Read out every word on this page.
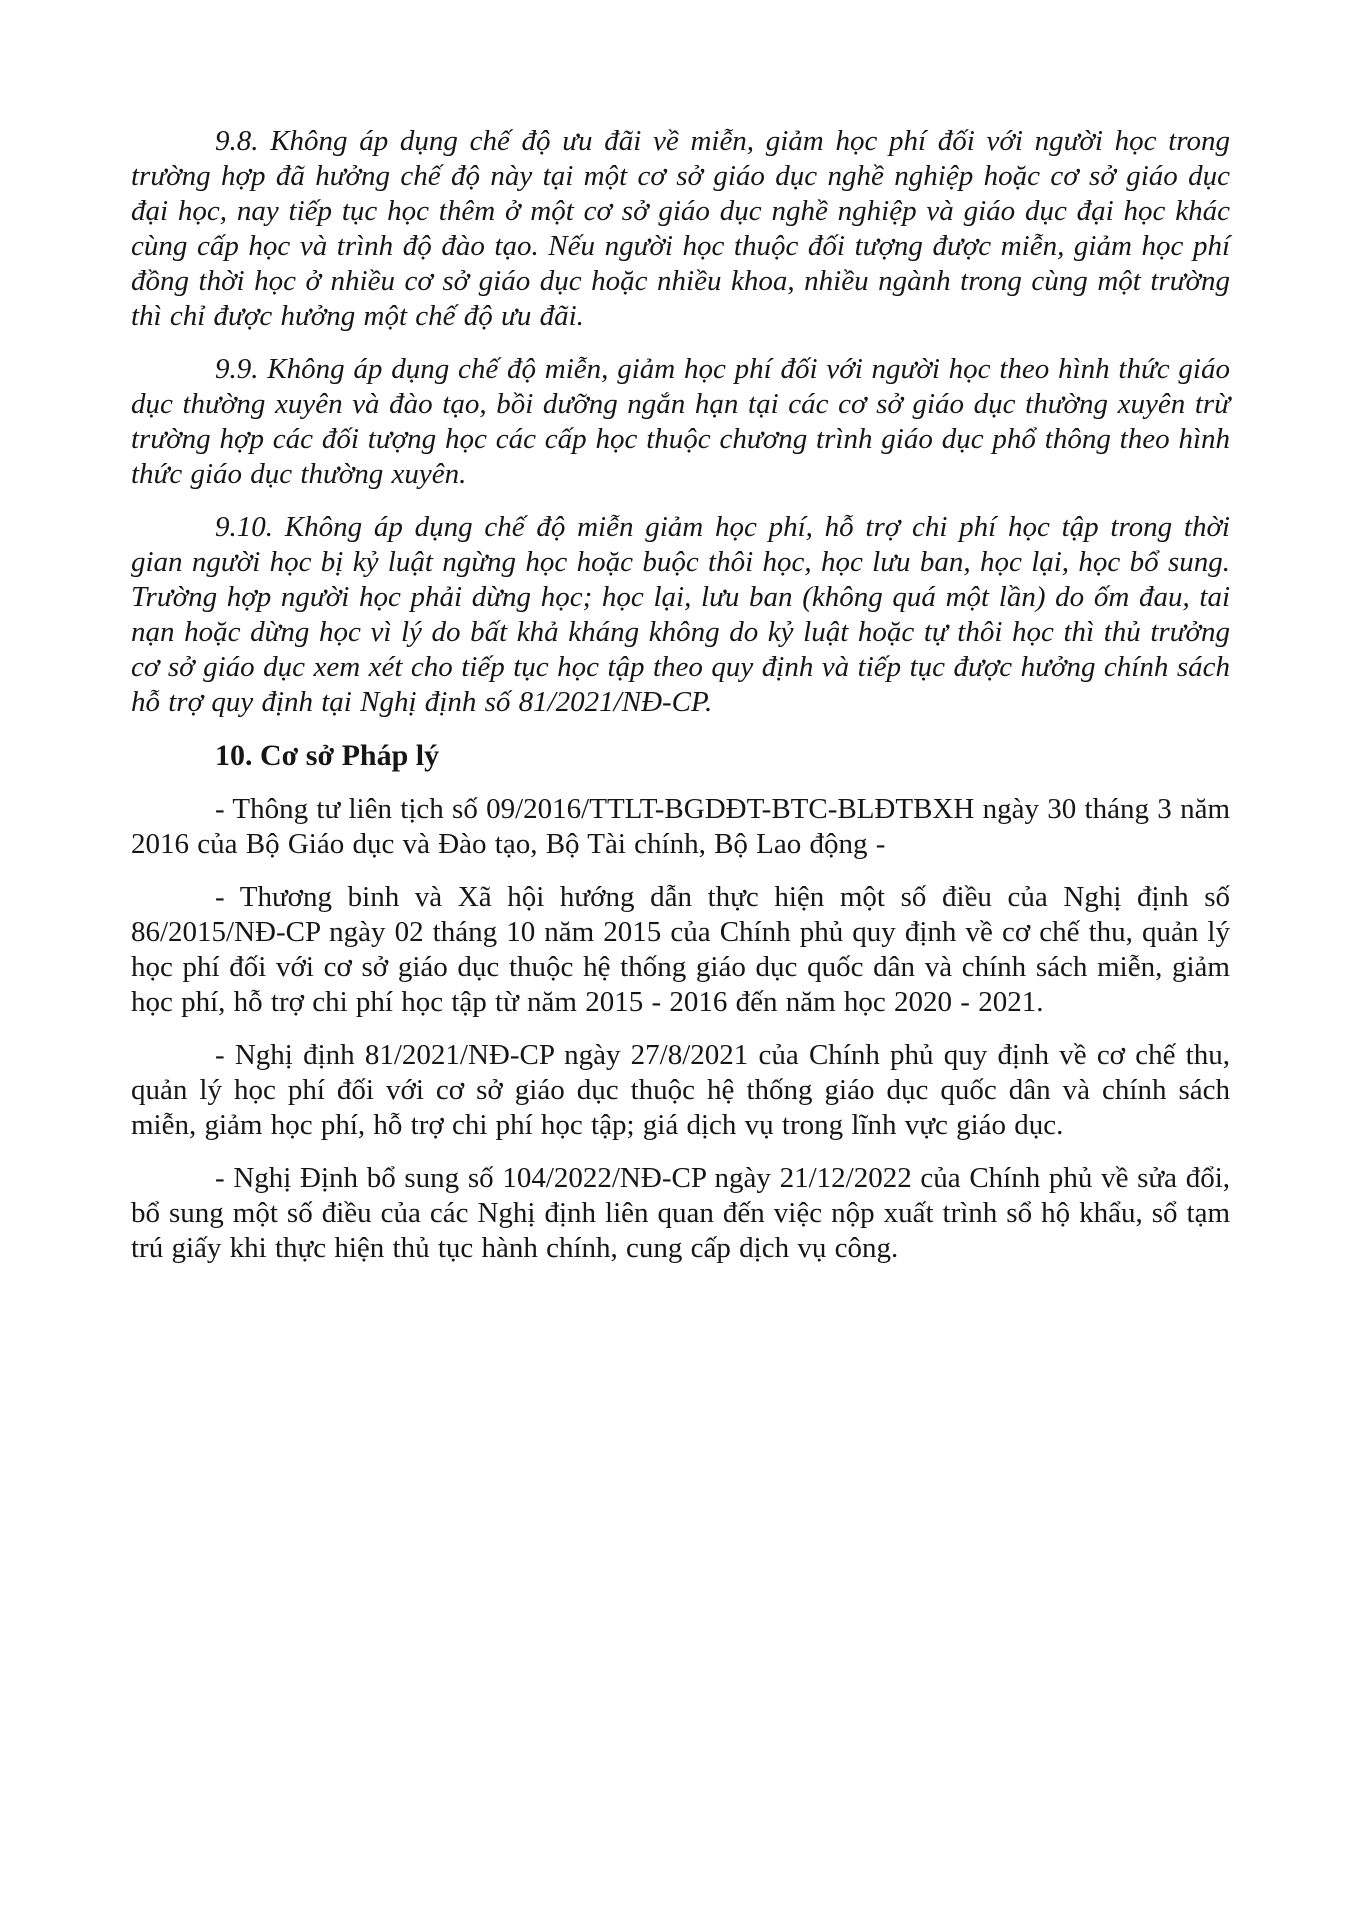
9.8. Không áp dụng chế độ ưu đãi về miễn, giảm học phí đối với người học trong trường hợp đã hưởng chế độ này tại một cơ sở giáo dục nghề nghiệp hoặc cơ sở giáo dục đại học, nay tiếp tục học thêm ở một cơ sở giáo dục nghề nghiệp và giáo dục đại học khác cùng cấp học và trình độ đào tạo. Nếu người học thuộc đối tượng được miễn, giảm học phí đồng thời học ở nhiều cơ sở giáo dục hoặc nhiều khoa, nhiều ngành trong cùng một trường thì chỉ được hưởng một chế độ ưu đãi.

9.9. Không áp dụng chế độ miễn, giảm học phí đối với người học theo hình thức giáo dục thường xuyên và đào tạo, bồi dưỡng ngắn hạn tại các cơ sở giáo dục thường xuyên trừ trường hợp các đối tượng học các cấp học thuộc chương trình giáo dục phổ thông theo hình thức giáo dục thường xuyên.

9.10. Không áp dụng chế độ miễn giảm học phí, hỗ trợ chi phí học tập trong thời gian người học bị kỷ luật ngừng học hoặc buộc thôi học, học lưu ban, học lại, học bổ sung. Trường hợp người học phải dừng học; học lại, lưu ban (không quá một lần) do ốm đau, tai nạn hoặc dừng học vì lý do bất khả kháng không do kỷ luật hoặc tự thôi học thì thủ trưởng cơ sở giáo dục xem xét cho tiếp tục học tập theo quy định và tiếp tục được hưởng chính sách hỗ trợ quy định tại Nghị định số 81/2021/NĐ-CP.

10. Cơ sở Pháp lý

- Thông tư liên tịch số 09/2016/TTLT-BGDĐT-BTC-BLĐTBXH ngày 30 tháng 3 năm 2016 của Bộ Giáo dục và Đào tạo, Bộ Tài chính, Bộ Lao động -

- Thương binh và Xã hội hướng dẫn thực hiện một số điều của Nghị định số 86/2015/NĐ-CP ngày 02 tháng 10 năm 2015 của Chính phủ quy định về cơ chế thu, quản lý học phí đối với cơ sở giáo dục thuộc hệ thống giáo dục quốc dân và chính sách miễn, giảm học phí, hỗ trợ chi phí học tập từ năm 2015 - 2016 đến năm học 2020 - 2021.

- Nghị định 81/2021/NĐ-CP ngày 27/8/2021 của Chính phủ quy định về cơ chế thu, quản lý học phí đối với cơ sở giáo dục thuộc hệ thống giáo dục quốc dân và chính sách miễn, giảm học phí, hỗ trợ chi phí học tập; giá dịch vụ trong lĩnh vực giáo dục.

- Nghị Định bổ sung số 104/2022/NĐ-CP ngày 21/12/2022 của Chính phủ về sửa đổi, bổ sung một số điều của các Nghị định liên quan đến việc nộp xuất trình sổ hộ khẩu, sổ tạm trú giấy khi thực hiện thủ tục hành chính, cung cấp dịch vụ công.
